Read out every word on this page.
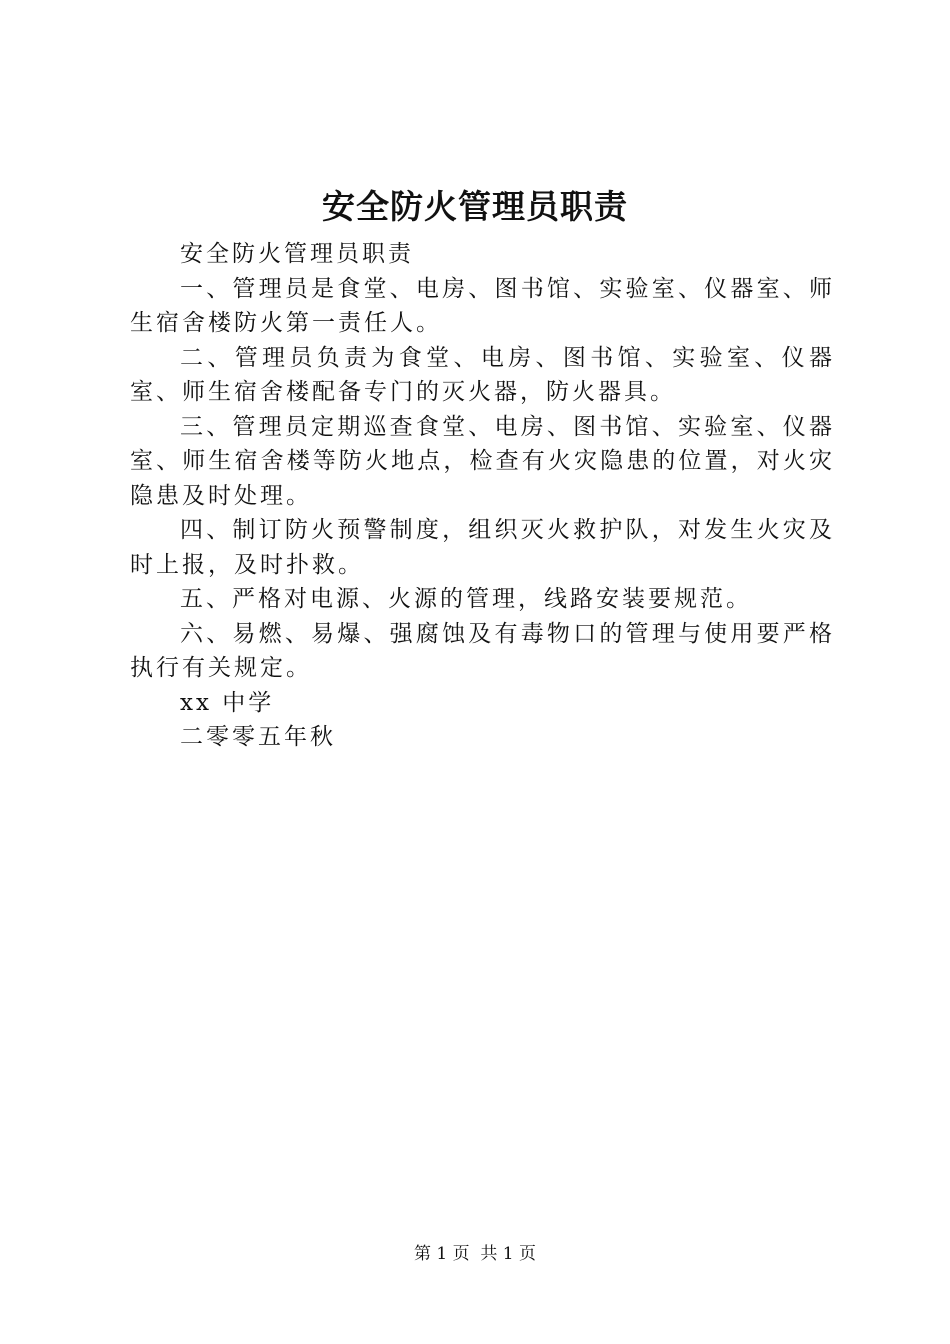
安全防火管理员职责

安全防火管理员职责

一、管理员是食堂、电房、图书馆、实验室、仪器室、师生宿舍楼防火第一责任人。

二、管理员负责为食堂、电房、图书馆、实验室、仪器室、师生宿舍楼配备专门的灭火器，防火器具。

三、管理员定期巡查食堂、电房、图书馆、实验室、仪器室、师生宿舍楼等防火地点，检查有火灾隐患的位置，对火灾隐患及时处理。

四、制订防火预警制度，组织灭火救护队，对发生火灾及时上报，及时扑救。

五、严格对电源、火源的管理，线路安装要规范。

六、易燃、易爆、强腐蚀及有毒物口的管理与使用要严格执行有关规定。

xx 中学

二零零五年秋

第 1 页  共 1 页
